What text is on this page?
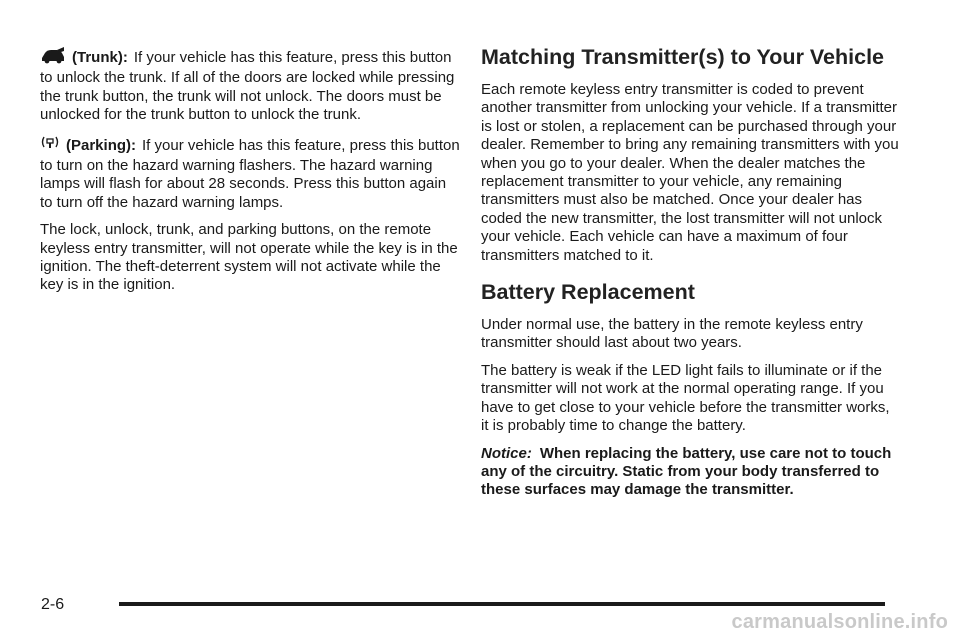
(Trunk): If your vehicle has this feature, press this button to unlock the trunk. If all of the doors are locked while pressing the trunk button, the trunk will not unlock. The doors must be unlocked for the trunk button to unlock the trunk.

(Parking): If your vehicle has this feature, press this button to turn on the hazard warning flashers. The hazard warning lamps will flash for about 28 seconds. Press this button again to turn off the hazard warning lamps.

The lock, unlock, trunk, and parking buttons, on the remote keyless entry transmitter, will not operate while the key is in the ignition. The theft-deterrent system will not activate while the key is in the ignition.

Matching Transmitter(s) to Your Vehicle

Each remote keyless entry transmitter is coded to prevent another transmitter from unlocking your vehicle. If a transmitter is lost or stolen, a replacement can be purchased through your dealer. Remember to bring any remaining transmitters with you when you go to your dealer. When the dealer matches the replacement transmitter to your vehicle, any remaining transmitters must also be matched. Once your dealer has coded the new transmitter, the lost transmitter will not unlock your vehicle. Each vehicle can have a maximum of four transmitters matched to it.

Battery Replacement

Under normal use, the battery in the remote keyless entry transmitter should last about two years.

The battery is weak if the LED light fails to illuminate or if the transmitter will not work at the normal operating range. If you have to get close to your vehicle before the transmitter works, it is probably time to change the battery.

Notice: When replacing the battery, use care not to touch any of the circuitry. Static from your body transferred to these surfaces may damage the transmitter.

2-6
carmanualsonline.info
